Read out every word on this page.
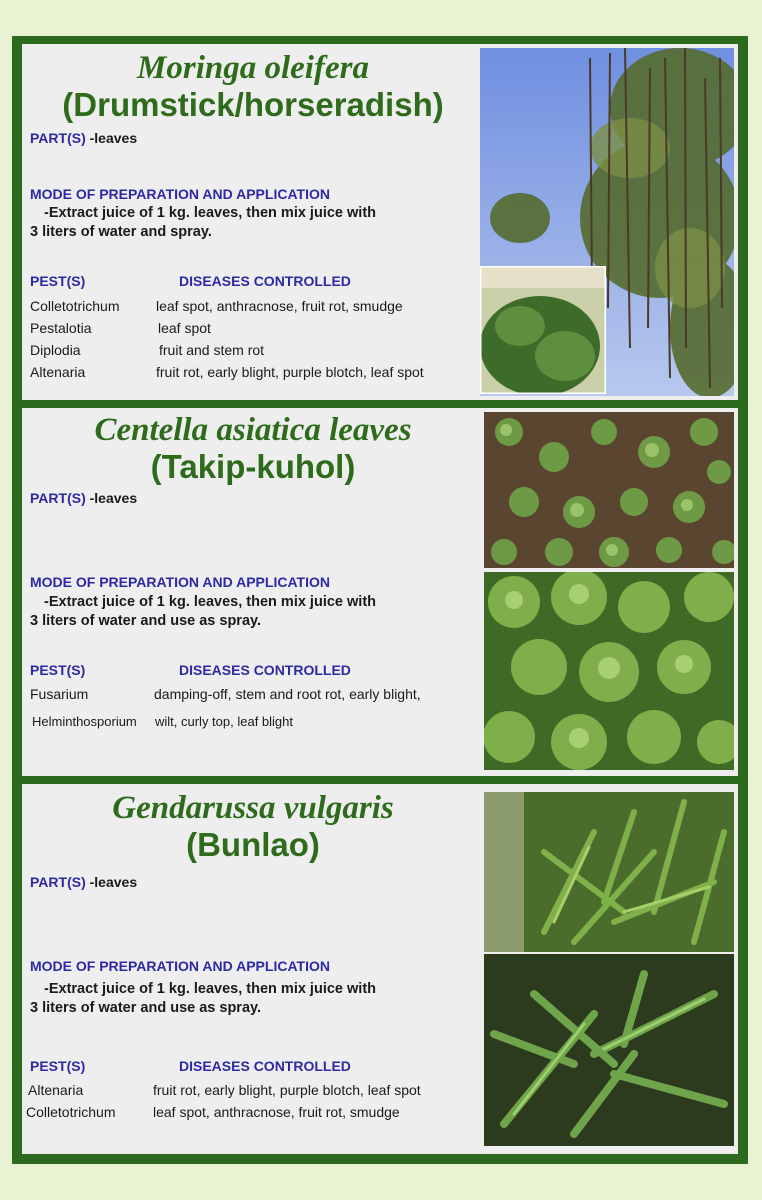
Moringa oleifera
(Drumstick/horseradish)
PART(S) -leaves
MODE OF PREPARATION AND APPLICATION
-Extract juice of 1 kg. leaves, then mix juice with
3 liters of water and spray.
PEST(S)	DISEASES CONTROLLED
Colletotrichum	leaf spot, anthracnose, fruit rot, smudge
Pestalotia	leaf spot
Diplodia	fruit and stem rot
Altenaria	fruit rot, early blight, purple blotch, leaf spot
Centella asiatica leaves
(Takip-kuhol)
PART(S) -leaves
MODE OF PREPARATION AND APPLICATION
-Extract juice of 1 kg. leaves, then mix juice with
3 liters of water and use as spray.
PEST(S)	DISEASES CONTROLLED
Fusarium	damping-off, stem and root rot, early blight,
Helminthosporium wilt, curly top, leaf blight
Gendarussa vulgaris
(Bunlao)
PART(S) -leaves
MODE OF PREPARATION AND APPLICATION
-Extract juice of 1 kg. leaves, then mix juice with
3 liters of water and use as spray.
PEST(S)	DISEASES CONTROLLED
Altenaria	fruit rot, early blight, purple blotch, leaf spot
Colletotrichum	leaf spot, anthracnose, fruit rot, smudge
